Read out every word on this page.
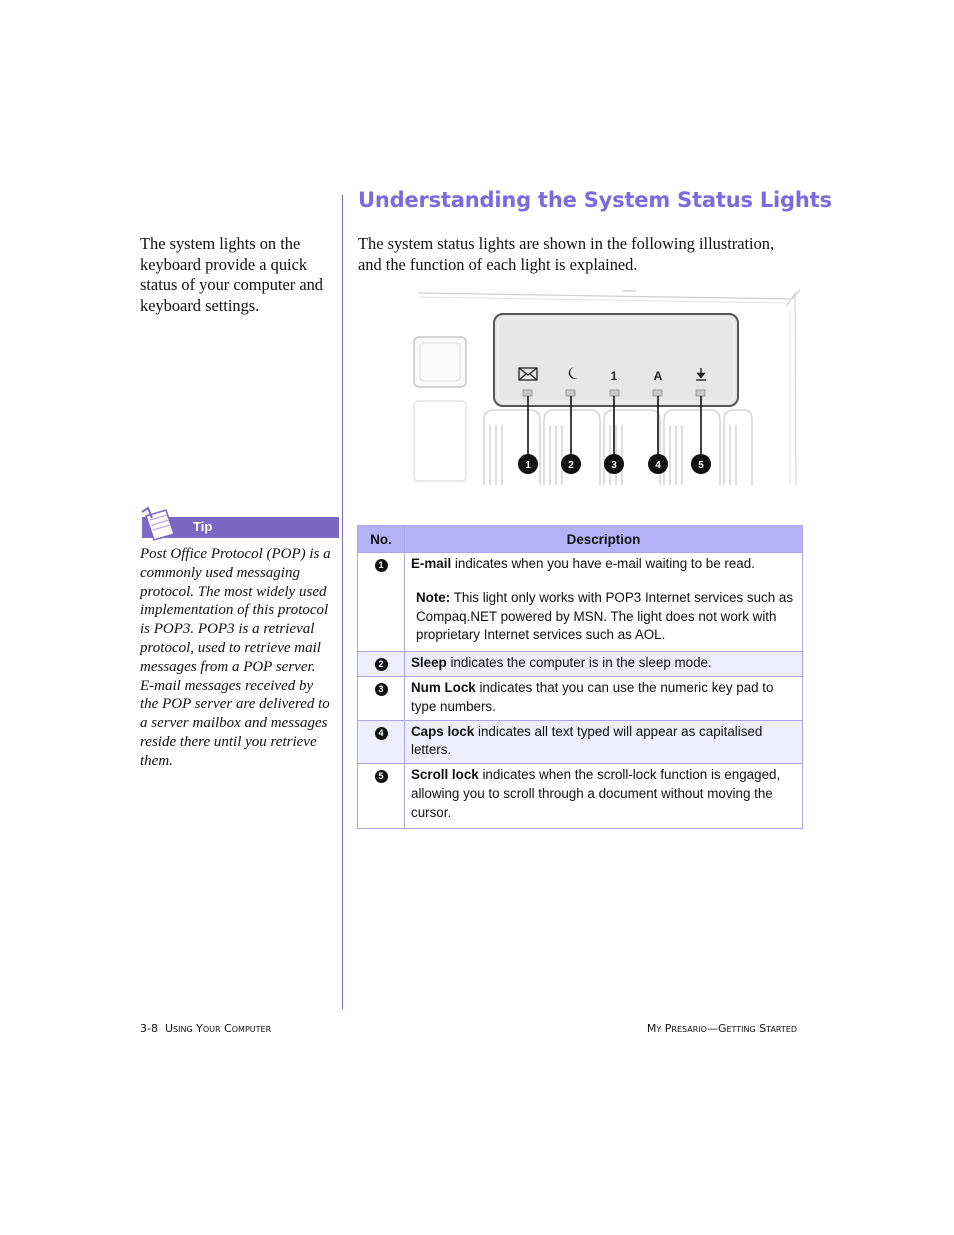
Understanding the System Status Lights

The system lights on the keyboard provide a quick status of your computer and keyboard settings.

The system status lights are shown in the following illustration, and the function of each light is explained.

1	A
1	2	3	4	5
Tip

Post Office Protocol (POP) is a commonly used messaging protocol. The most widely used implementation of this protocol is POP3. POP3 is a retrieval protocol, used to retrieve mail messages from a POP server. E-mail messages received by the POP server are delivered to a server mailbox and messages reside there until you retrieve them.

No.	Description
1	E-mail indicates when you have e-mail waiting to be read.
Note: This light only works with POP3 Internet services such as Compaq.NET powered by MSN. The light does not work with proprietary Internet services such as AOL.

2	Sleep indicates the computer is in the sleep mode.
3	Num Lock indicates that you can use the numeric key pad to type numbers.
4	Caps lock indicates all text typed will appear as capitalised letters.
5	Scroll lock indicates when the scroll-lock function is engaged, allowing you to scroll through a document without moving the cursor.
3-8 Using Your Computer	My Presario—Getting Started
